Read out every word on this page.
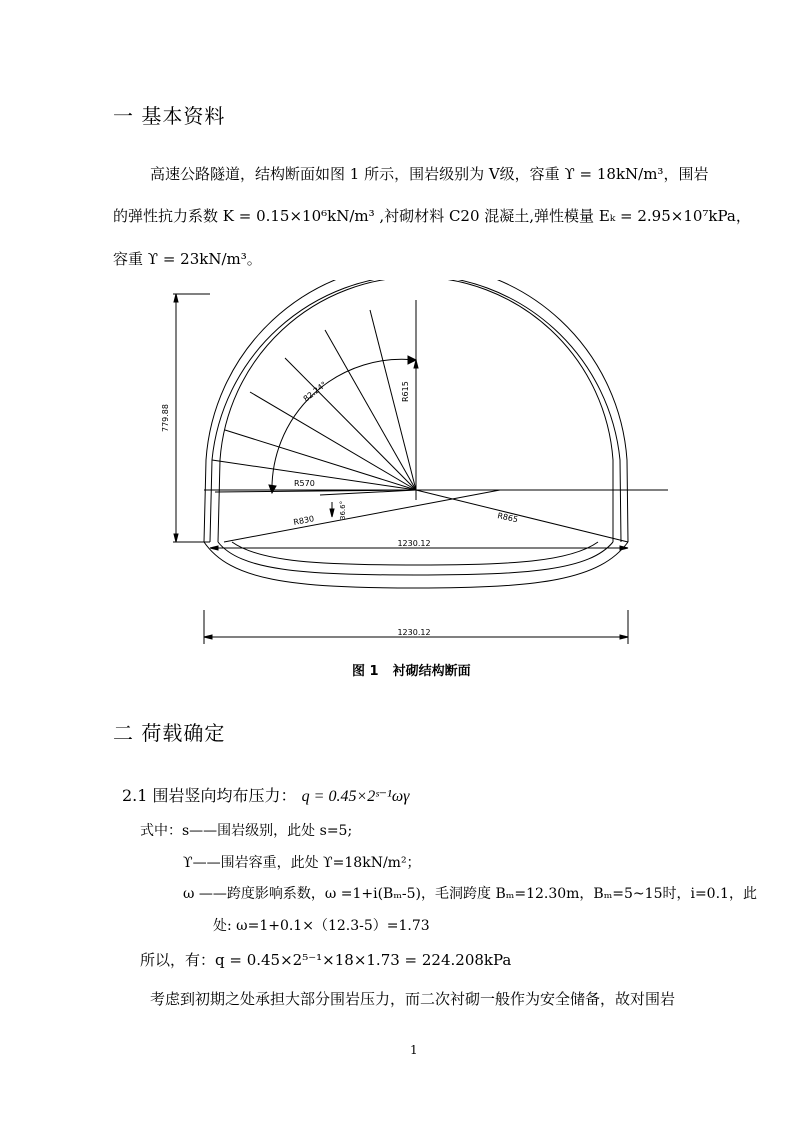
一 基本资料
高速公路隧道，结构断面如图 1 所示，围岩级别为 Ⅴ级，容重 ϒ = 18kN/m³，围岩
的弹性抗力系数 K = 0.15×10⁶kN/m³ ,衬砌材料 C20 混凝土,弹性模量 Eₖ = 2.95×10⁷kPa，
容重 ϒ = 23kN/m³。
779.88
82.24°	R615
R570
R830
36.6°	R865
1230.12
1230.12
图 1 衬砌结构断面
二 荷载确定
2.1 围岩竖向均布压力： q = 0.45×2ˢ⁻¹ωγ
式中：s——围岩级别，此处 s=5;
ϒ——围岩容重，此处 ϒ=18kN/m²；
ω ——跨度影响系数，ω =1+i(Bₘ-5)，毛洞跨度 Bₘ=12.30m，Bₘ=5~15时，i=0.1，此
处: ω=1+0.1×（12.3-5）=1.73
所以，有：q = 0.45×2⁵⁻¹×18×1.73 = 224.208kPa
考虑到初期之处承担大部分围岩压力，而二次衬砌一般作为安全储备，故对围岩
1
